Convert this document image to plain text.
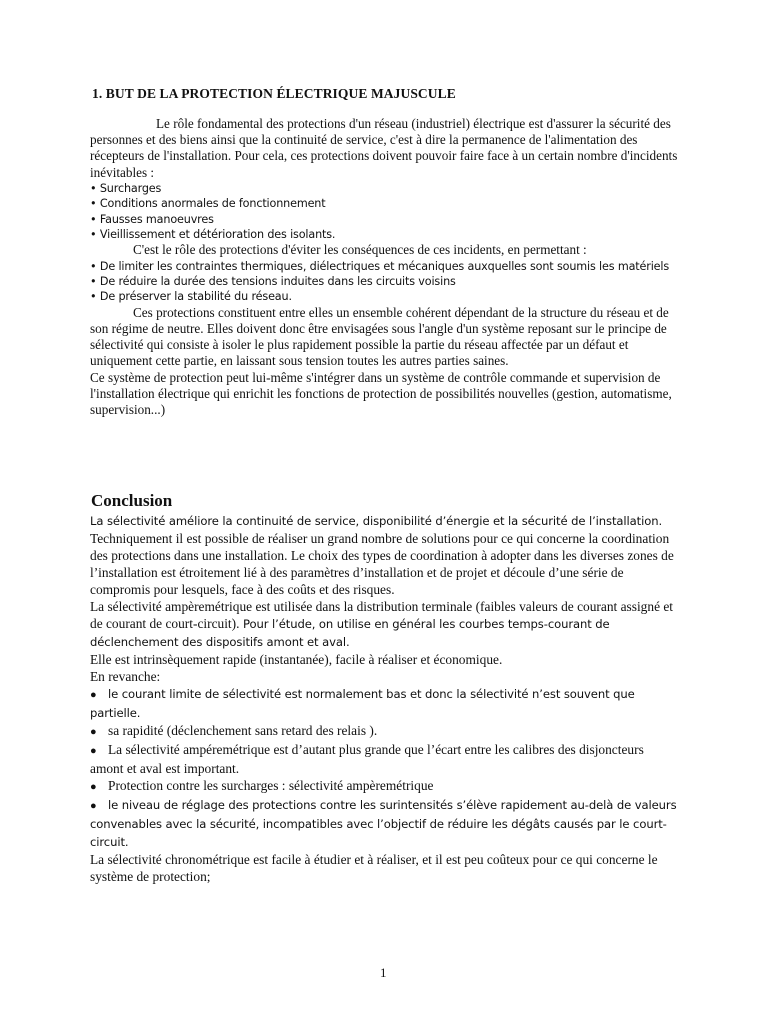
1. BUT DE LA PROTECTION ÉLECTRIQUE MAJUSCULE

Le rôle fondamental des protections d'un réseau (industriel) électrique est d'assurer la sécurité des personnes et des biens ainsi que la continuité de service, c'est à dire la permanence de l'alimentation des récepteurs de l'installation. Pour cela, ces protections doivent pouvoir faire face à un certain nombre d'incidents inévitables :

• Surcharges
• Conditions anormales de fonctionnement
• Fausses manoeuvres
• Vieillissement et détérioration des isolants.

C'est le rôle des protections d'éviter les conséquences de ces incidents, en permettant :

• De limiter les contraintes thermiques, diélectriques et mécaniques auxquelles sont soumis les matériels
• De réduire la durée des tensions induites dans les circuits voisins
• De préserver la stabilité du réseau.

Ces protections constituent entre elles un ensemble cohérent dépendant de la structure du réseau et de son régime de neutre. Elles doivent donc être envisagées sous l'angle d'un système reposant sur le principe de sélectivité qui consiste à isoler le plus rapidement possible la partie du réseau affectée par un défaut et uniquement cette partie, en laissant sous tension toutes les autres parties saines.

Ce système de protection peut lui-même s'intégrer dans un système de contrôle commande et supervision de l'installation électrique qui enrichit les fonctions de protection de possibilités nouvelles (gestion, automatisme, supervision...)

Conclusion

La sélectivité améliore la continuité de service, disponibilité d’énergie et la sécurité de l’installation.

Techniquement il est possible de réaliser un grand nombre de solutions pour ce qui concerne la coordination des protections dans une installation. Le choix des types de coordination à adopter dans les diverses zones de l’installation est étroitement lié à des paramètres d’installation et de projet et découle d’une série de compromis pour lesquels, face à des coûts et des risques.

La sélectivité ampèremétrique est utilisée dans la distribution terminale (faibles valeurs de courant assigné et de courant de court-circuit). Pour l’étude, on utilise en général les courbes temps-courant de déclenchement des dispositifs amont et aval.

Elle est intrinsèquement rapide (instantanée), facile à réaliser et économique.

En revanche:

● le courant limite de sélectivité est normalement bas et donc la sélectivité n’est souvent que partielle.
● sa rapidité (déclenchement sans retard des relais ).
● La sélectivité ampéremétrique est d’autant plus grande que l’écart entre les calibres des disjoncteurs amont et aval est important.
● Protection contre les surcharges : sélectivité ampèremétrique
● le niveau de réglage des protections contre les surintensités s’élève rapidement au-delà de valeurs convenables avec la sécurité, incompatibles avec l’objectif de réduire les dégâts causés par le court-circuit.

La sélectivité chronométrique est facile à étudier et à réaliser, et il est peu coûteux pour ce qui concerne le système de protection;

1
